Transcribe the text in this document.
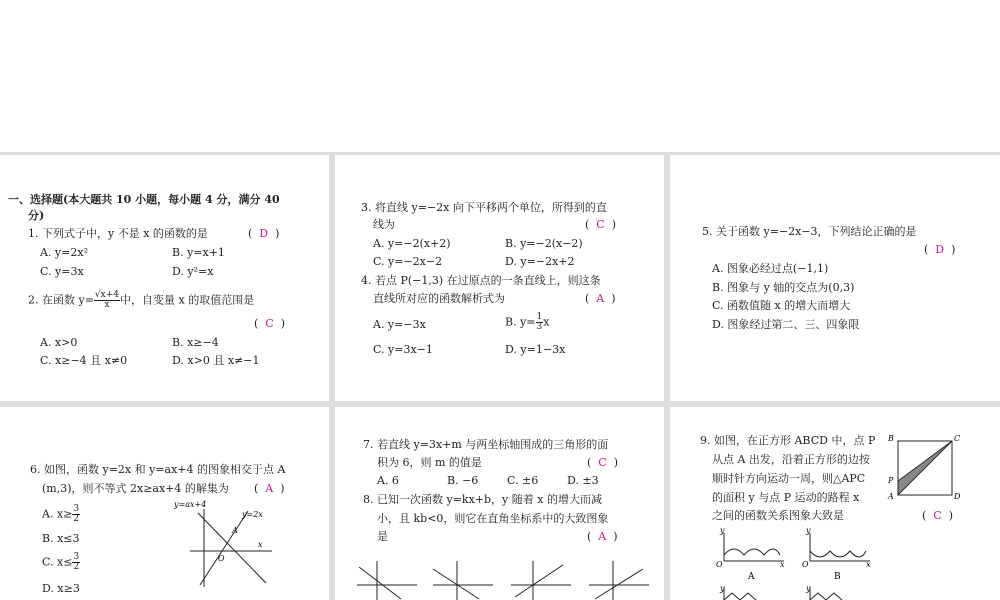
一、选择题(本大题共 10 小题，每小题 4 分，满分 40
分)
1. 下列式子中，y 不是 x 的函数的是	( D )
A. y=2x²	B. y=x+1
C. y=3x	D. y²=x
2. 在函数 $y= \frac{√x+4}{x}$ 中，自变量 x 的取值范围是
( C )
A. x>0	B. x≥−4
C. x≥−4 且 x≠0	D. x>0 且 x≠−1
3. 将直线 y=−2x 向下平移两个单位，所得到的直
线为	( C )
A. y=−2(x+2)	B. y=−2(x−2)
C. y=−2x−2	D. y=−2x+2
4. 若点 P(−1,3) 在过原点的一条直线上，则这条
直线所对应的函数解析式为	( A )
A. y=−3x	B. $y= \frac{1}{3}$ x
C. y=3x−1	D. y=1−3x
5. 关于函数 y=−2x−3，下列结论正确的是
( D )
A. 图象必经过点(−1,1)
B. 图象与 y 轴的交点为(0,3)
C. 函数值随 x 的增大而增大
D. 图象经过第二、三、四象限
6. 如图，函数 y=2x 和 y=ax+4 的图象相交于点 A
(m,3)，则不等式 2x≥ax+4 的解集为 ( A )
A. $x\ge \frac{3}{2}$
B. x≤3
C. $x\le \frac{3}{2}$
D. x≥3
y=ax+4
y=2x
A
O
x
7. 若直线 y=3x+m 与两坐标轴围成的三角形的面
积为 6，则 m 的值是	( C )
A. 6	B. −6	C. ±6	D. ±3
8. 已知一次函数 y=kx+b，y 随着 x 的增大而减
小，且 kb<0，则它在直角坐标系中的大致图象
是	( A )
9. 如图，在正方形 ABCD 中，点 P
从点 A 出发，沿着正方形的边按
顺时针方向运动一周，则△APC
的面积 y 与点 P 运动的路程 x
之间的函数关系图象大致是	( C )
B	C
P
A	D
y
O	x
A
y
O	x
B
y	y
